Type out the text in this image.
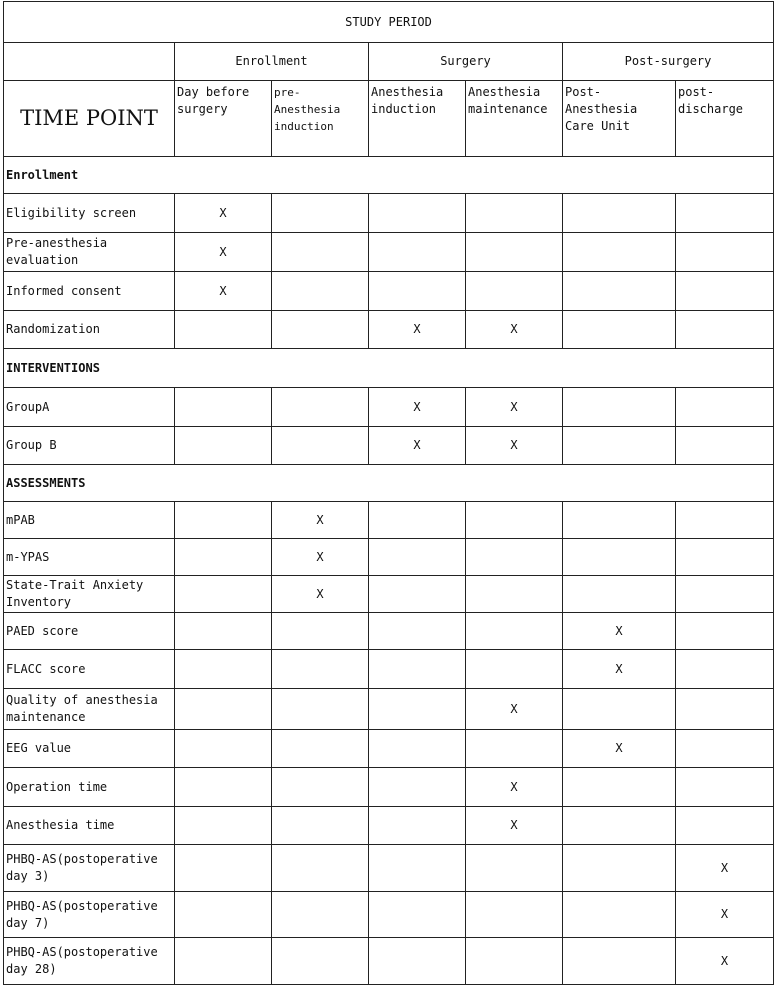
STUDY PERIOD						
	Enrollment		Surgery		Post-surgery	
TIME POINT	Day before surgery	pre-Anesthesia induction	Anesthesia induction	Anesthesia maintenance	Post-Anesthesia Care Unit	post-discharge
Enrollment						
Eligibility screen	X					
Pre-anesthesia evaluation	X					
Informed consent	X					
Randomization			X	X		
INTERVENTIONS						
GroupA			X	X		
Group B			X	X		
ASSESSMENTS						
mPAB		X				
m-YPAS		X				
State-Trait Anxiety Inventory		X				
PAED score					X	
FLACC score					X	
Quality of anesthesia maintenance				X		
EEG value					X	
Operation time				X		
Anesthesia time				X		
PHBQ-AS(postoperative day 3)						X
PHBQ-AS(postoperative day 7)						X
PHBQ-AS(postoperative day 28)						X
